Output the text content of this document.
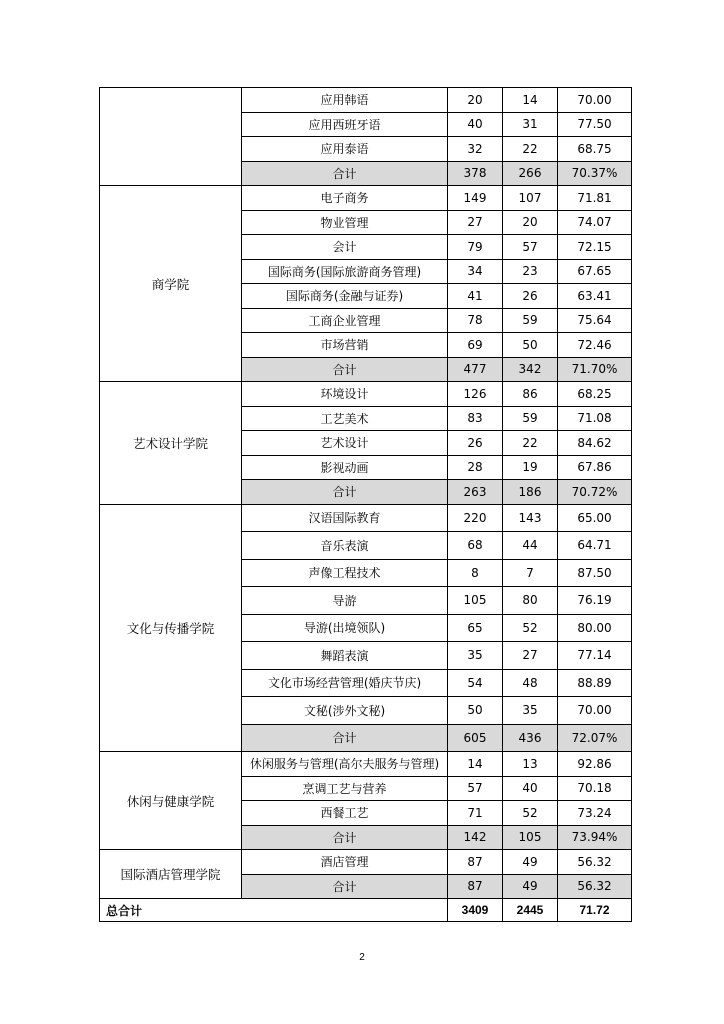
	应用韩语	20	14	70.00
	应用西班牙语	40	31	77.50
	应用泰语	32	22	68.75
	合计	378	266	70.37%
商学院	电子商务	149	107	71.81
	物业管理	27	20	74.07
	会计	79	57	72.15
	国际商务(国际旅游商务管理)	34	23	67.65
	国际商务(金融与证券)	41	26	63.41
	工商企业管理	78	59	75.64
	市场营销	69	50	72.46
	合计	477	342	71.70%
艺术设计学院	环境设计	126	86	68.25
	工艺美术	83	59	71.08
	艺术设计	26	22	84.62
	影视动画	28	19	67.86
	合计	263	186	70.72%
文化与传播学院	汉语国际教育	220	143	65.00
	音乐表演	68	44	64.71
	声像工程技术	8	7	87.50
	导游	105	80	76.19
	导游(出境领队)	65	52	80.00
	舞蹈表演	35	27	77.14
	文化市场经营管理(婚庆节庆)	54	48	88.89
	文秘(涉外文秘)	50	35	70.00
	合计	605	436	72.07%
休闲与健康学院	休闲服务与管理(高尔夫服务与管理)	14	13	92.86
	烹调工艺与营养	57	40	70.18
	西餐工艺	71	52	73.24
	合计	142	105	73.94%
国际酒店管理学院	酒店管理	87	49	56.32
	合计	87	49	56.32
总合计		3409	2445	71.72
2
